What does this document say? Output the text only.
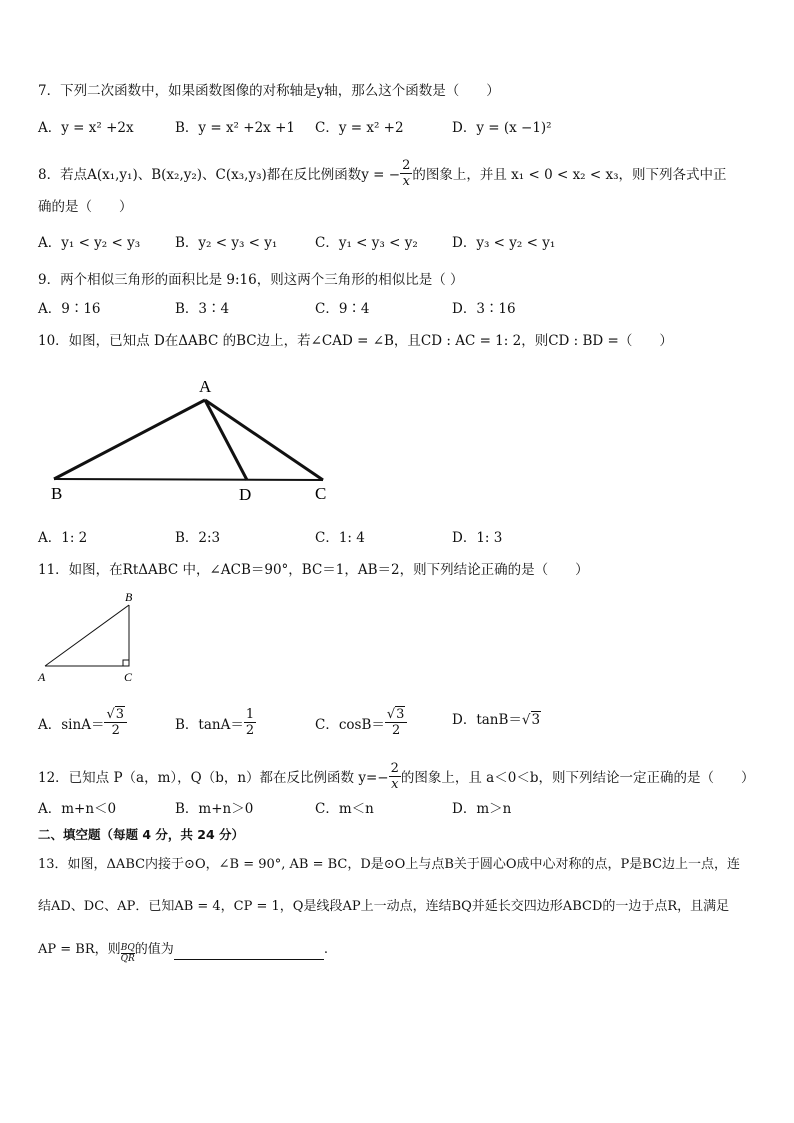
7．下列二次函数中，如果函数图像的对称轴是y轴，那么这个函数是（　　）
A．y = x² +2x	B．y = x² +2x +1 C．y = x² +2	D．y = (x −1)²
8．若点A(x₁,y₁)、B(x₂,y₂)、C(x₃,y₃)都在反比例函数y = − $\frac{2}{x}$ 的图象上，并且 x₁ < 0 < x₂ < x₃，则下列各式中正
确的是（　　）
A．y₁ < y₂ < y₃	B．y₂ < y₃ < y₁	C．y₁ < y₃ < y₂	D．y₃ < y₂ < y₁
9．两个相似三角形的面积比是 9:16，则这两个三角形的相似比是（ ）
A．9∶16	B．3∶4	C．9∶4	D．3∶16
10．如图，已知点 D在ΔABC 的BC边上，若∠CAD = ∠B，且CD : AC = 1: 2，则CD : BD =（　　）
A
B	D	C
A．1: 2	B．2:3	C．1: 4	D．1: 3
11．如图，在RtΔABC 中，∠ACB＝90°，BC＝1，AB＝2，则下列结论正确的是（　　）
B
A	C
A．$\sin A= \frac{√3}{2}$	B．$\tan A= \frac{1}{2}$	C．$\cos B= \frac{√3}{2}$	D．tanB＝√3
12．已知点 P（a，m），Q（b，n）都在反比例函数 $y=- \frac{2}{x}$ 的图象上，且 a＜0＜b，则下列结论一定正确的是（　　）
A．m+n＜0	B．m+n＞0	C．m＜n	D．m＞n
二、填空题（每题 4 分，共 24 分）
13．如图，ΔABC内接于⊙O，∠B = 90°, AB = BC，D是⊙O上与点B关于圆心O成中心对称的点，P是BC边上一点，连
结AD、DC、AP．已知AB = 4，CP = 1，Q是线段AP上一动点，连结BQ并延长交四边形ABCD的一边于点R，且满足
AP = BR，则 $\frac{BQ}{QR}$的值为	.
